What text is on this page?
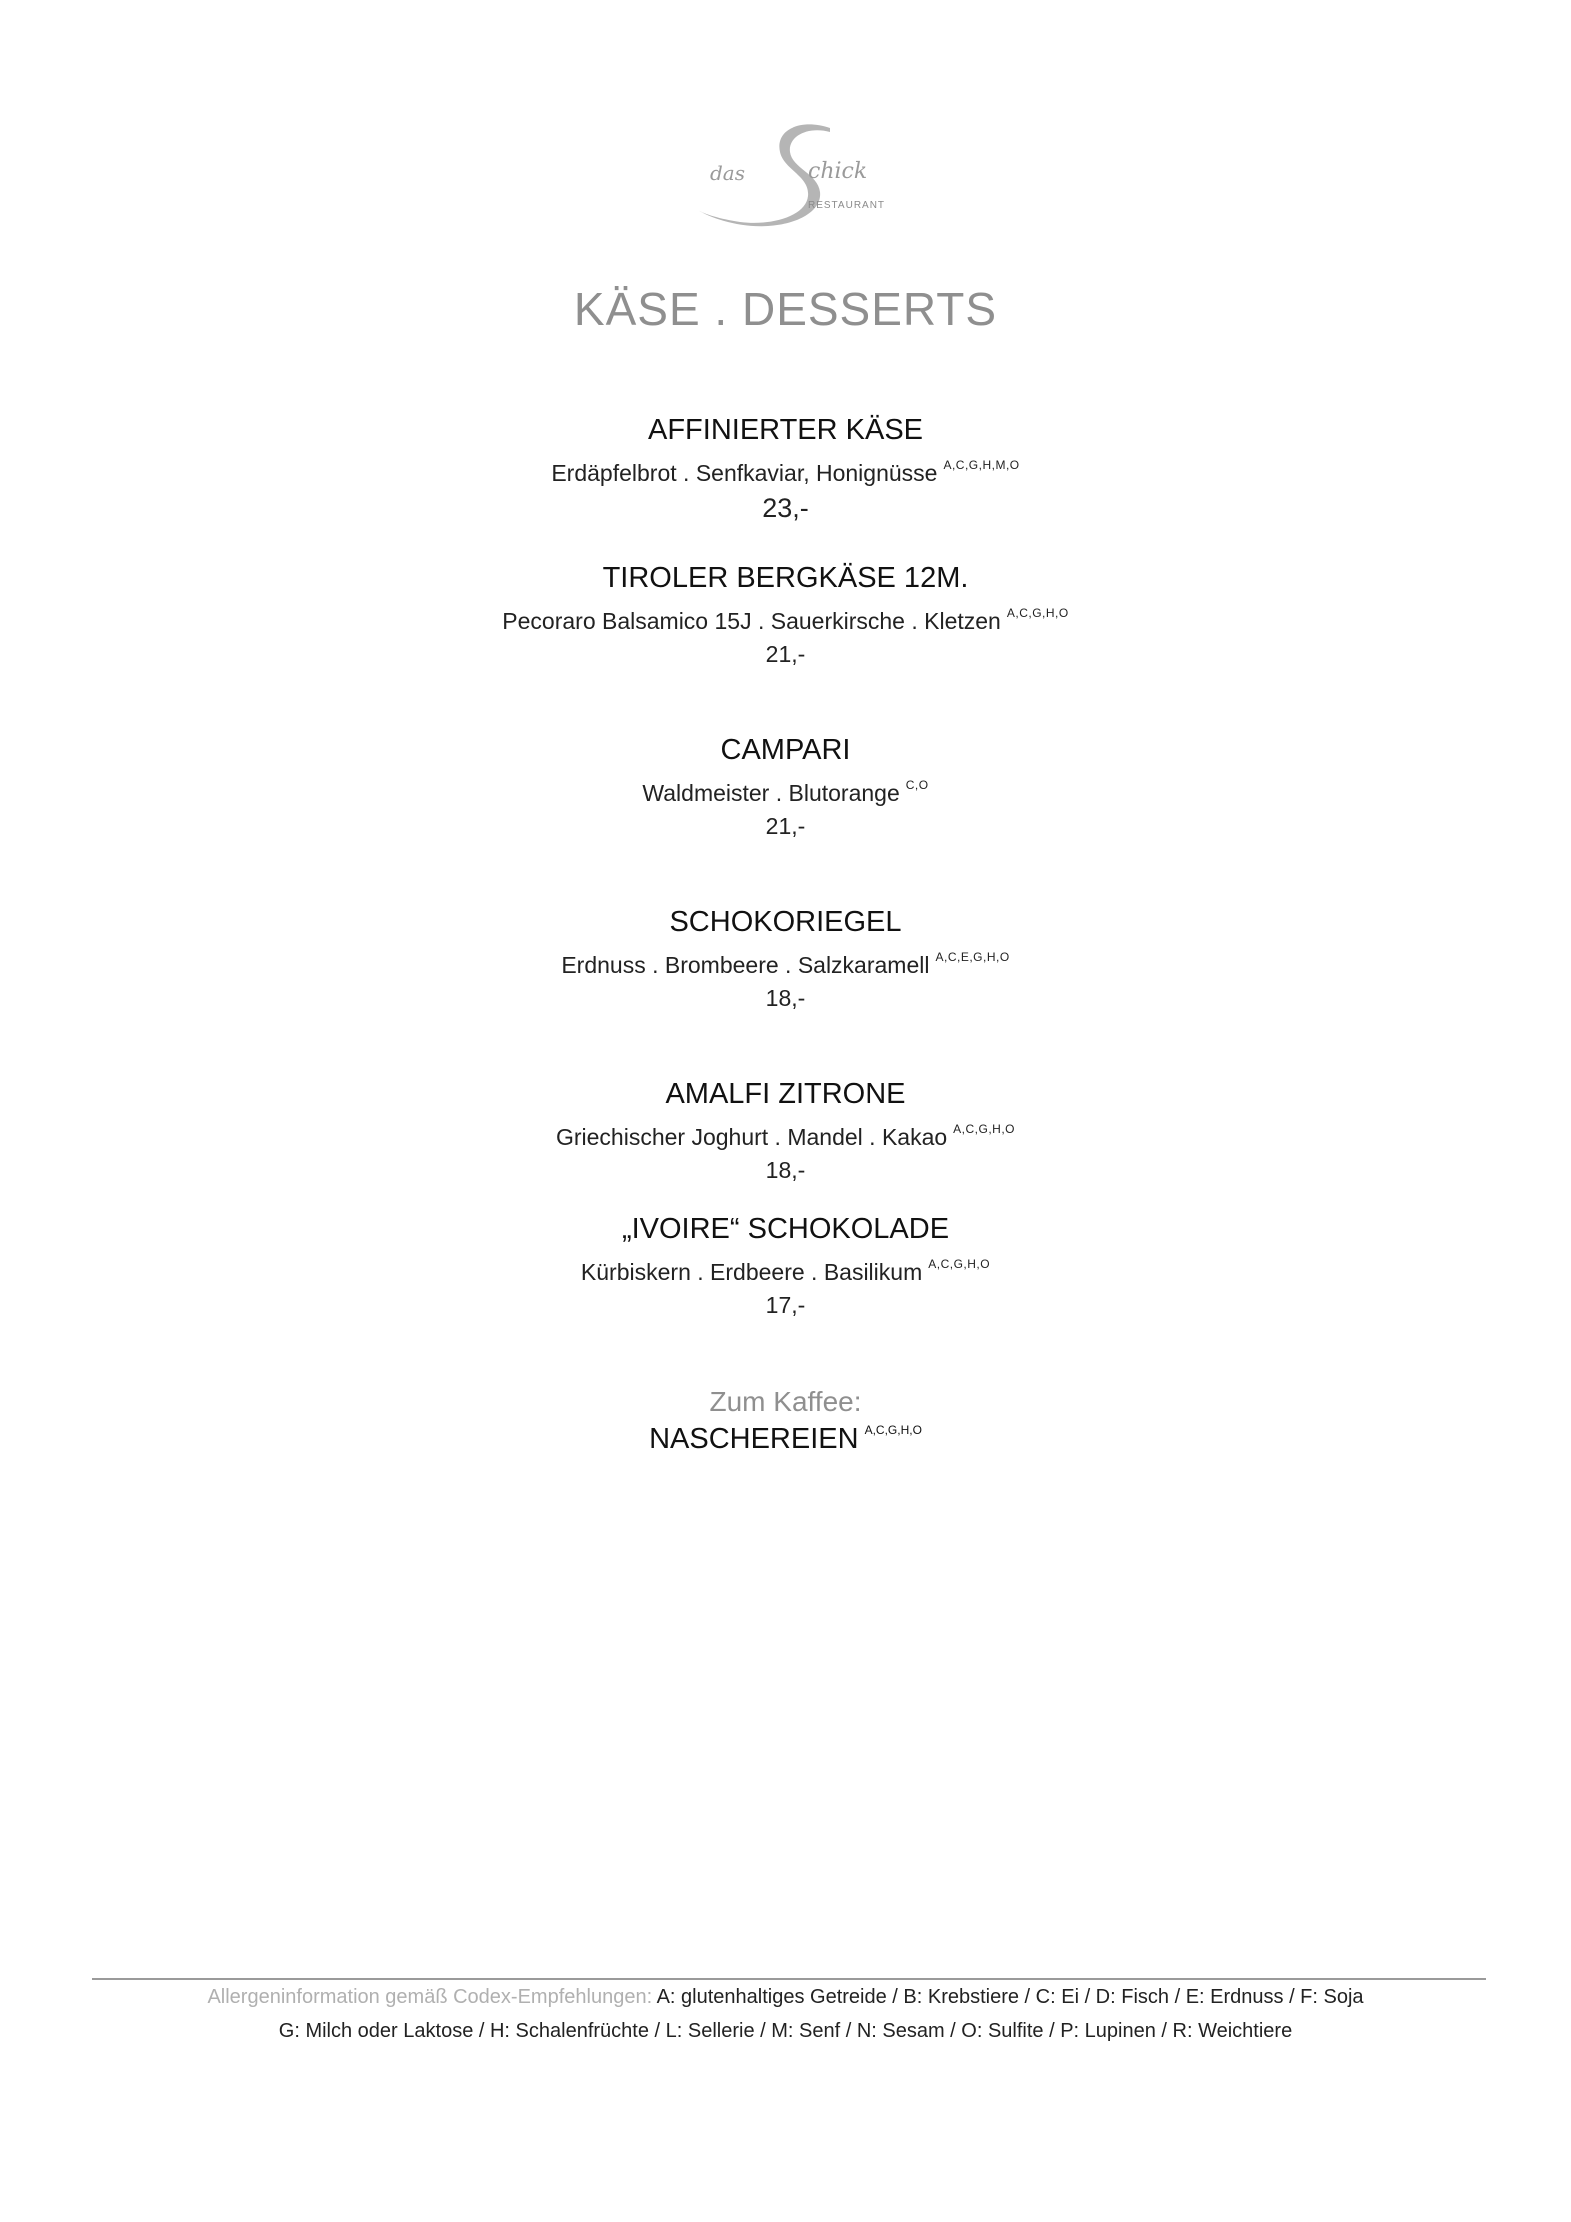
das	chick
RESTAURANT
KÄSE . DESSERTS
AFFINIERTER KÄSE
Erdäpfelbrot . Senfkaviar, Honignüsse $^{A,C,G,H,M,O}$
23,-
TIROLER BERGKÄSE 12M.
Pecoraro Balsamico 15J . Sauerkirsche . Kletzen $^{A,C,G,H,O}$
21,-
CAMPARI
Waldmeister . Blutorange $^{C,O}$
21,-
SCHOKORIEGEL
Erdnuss . Brombeere . Salzkaramell $^{A,C,E,G,H,O}$
18,-
AMALFI ZITRONE
Griechischer Joghurt . Mandel . Kakao $^{A,C,G,H,O}$
18,-
„IVOIRE“ SCHOKOLADE
Kürbiskern . Erdbeere . Basilikum $^{A,C,G,H,O}$
17,-
Zum Kaffee:
NASCHEREIEN $^{A,C,G,H,O}$
Allergeninformation gemäß Codex-Empfehlungen: A: glutenhaltiges Getreide / B: Krebstiere / C: Ei / D: Fisch / E: Erdnuss / F: Soja
G: Milch oder Laktose / H: Schalenfrüchte / L: Sellerie / M: Senf / N: Sesam / O: Sulfite / P: Lupinen / R: Weichtiere
